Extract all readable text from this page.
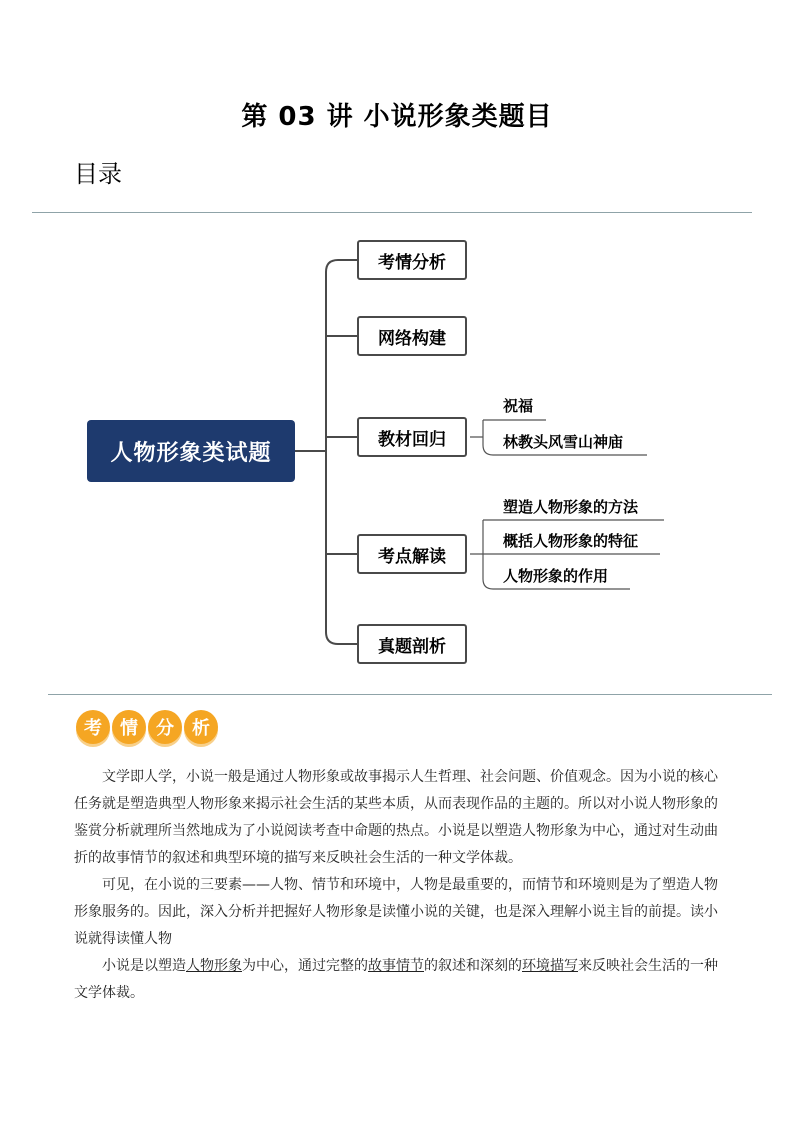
第 03 讲 小说形象类题目
目录
人物形象类试题
考情分析
网络构建
教材回归
考点解读
真题剖析
祝福
林教头风雪山神庙
塑造人物形象的方法
概括人物形象的特征
人物形象的作用
考	情	分	析
文学即人学，小说一般是通过人物形象或故事揭示人生哲理、社会问题、价值观念。因为小说的核心任务就是塑造典型人物形象来揭示社会生活的某些本质，从而表现作品的主题的。所以对小说人物形象的鉴赏分析就理所当然地成为了小说阅读考查中命题的热点。小说是以塑造人物形象为中心，通过对生动曲折的故事情节的叙述和典型环境的描写来反映社会生活的一种文学体裁。
可见，在小说的三要素——人物、情节和环境中，人物是最重要的，而情节和环境则是为了塑造人物形象服务的。因此，深入分析并把握好人物形象是读懂小说的关键，也是深入理解小说主旨的前提。读小说就得读懂人物
小说是以塑造人物形象为中心，通过完整的故事情节的叙述和深刻的环境描写来反映社会生活的一种文学体裁。
